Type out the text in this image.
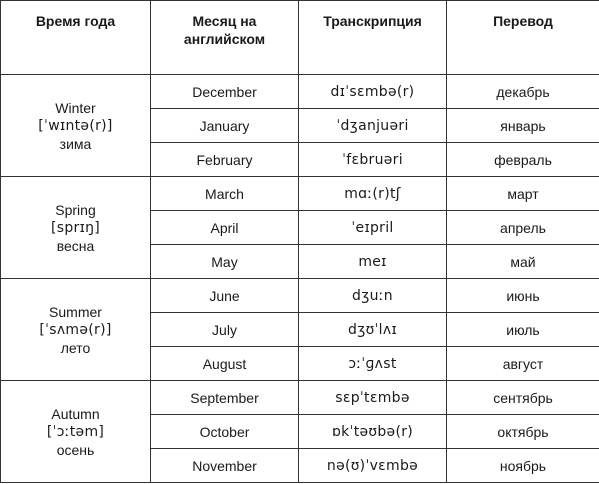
Время года	Месяц на английском	Транскрипция	Перевод

Winter
[ˈwɪntə(r)]
зима	December	dɪˈsɛmbə(r)	декабрь
	January	ˈdʒanjuəri	январь
	February	ˈfɛbruəri	февраль

Spring
[sprɪŋ]
весна	March	mɑː(r)tʃ	март
	April	ˈeɪpril	апрель
	May	meɪ	май

Summer
[ˈsʌmə(r)]
лето	June	dʒuːn	июнь
	July	dʒʊˈlʌɪ	июль
	August	ɔːˈɡʌst	август

Autumn
[ˈɔːtəm]
осень	September	sɛpˈtɛmbə	сентябрь
	October	ɒkˈtəʊbə(r)	октябрь
	November	nə(ʊ)ˈvɛmbə	ноябрь
